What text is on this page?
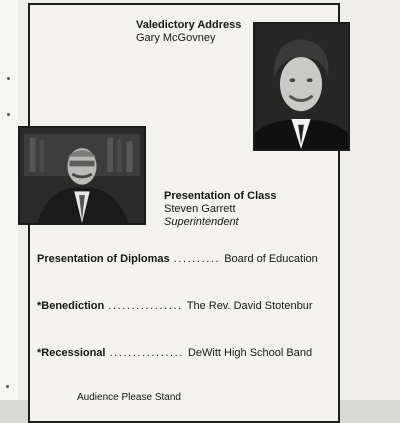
Valedictory Address
Gary McGovney
Presentation of Class
Steven Garrett
Superintendent
Presentation of Diplomas .......... Board of Education
*Benediction ................ The Rev. David Stotenbur
*Recessional ................ DeWitt High School Band
Audience Please Stand
